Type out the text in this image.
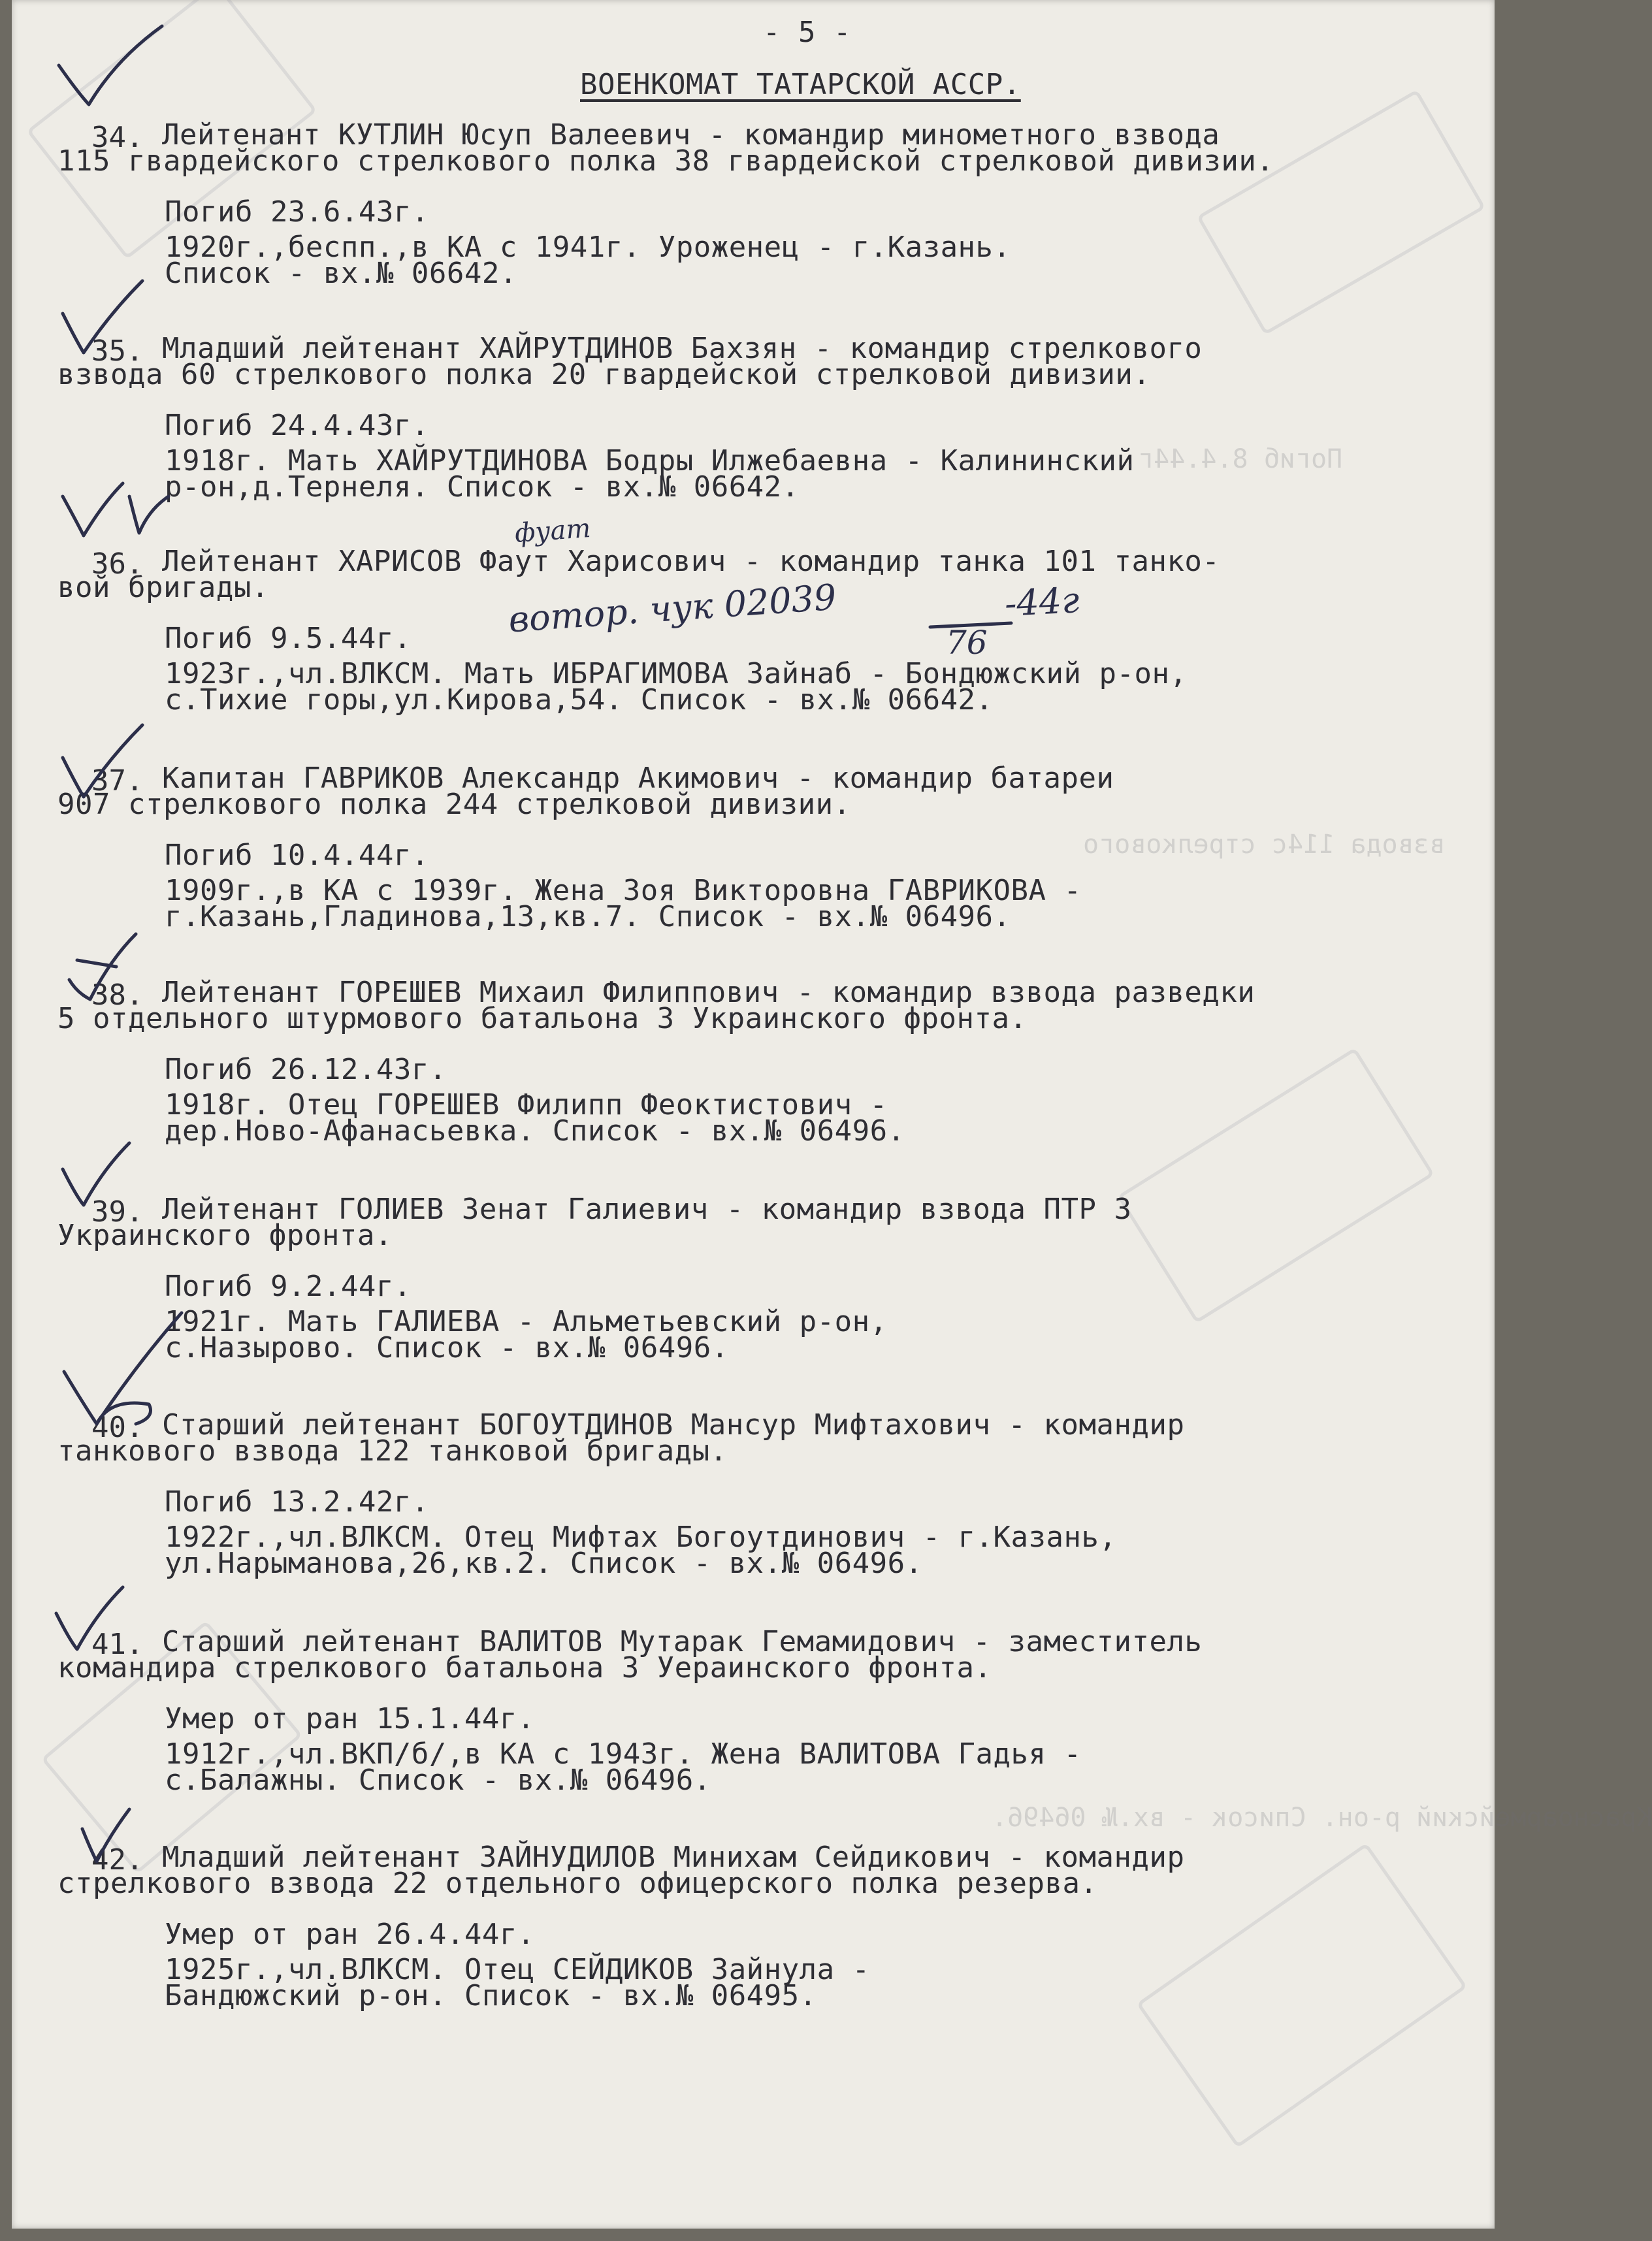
- 5 -
ВОЕНКОМАТ ТАТАРСКОЙ АССР.
34. Лейтенант КУТЛИН Юсуп Валеевич - командир минометного взвода
115 гвардейского стрелкового полка 38 гвардейской стрелковой дивизии.
Погиб 23.6.43г.
1920г.,беспп.,в КА с 1941г. Уроженец - г.Казань.
Список - вх.№ 06642.
35. Младший лейтенант ХАЙРУТДИНОВ Бахзян - командир стрелкового
взвода 60 стрелкового полка 20 гвардейской стрелковой дивизии.
Погиб 24.4.43г.
1918г. Мать ХАЙРУТДИНОВА Бодры Илжебаевна - Калининский
р-он,д.Тернеля. Список - вх.№ 06642.
36. Лейтенант ХАРИСОВ Фаут Харисович - командир танка 101 танко-
вой бригады.
Погиб 9.5.44г.
1923г.,чл.ВЛКСМ. Мать ИБРАГИМОВА Зайнаб - Бондюжский р-он,
с.Тихие горы,ул.Кирова,54. Список - вх.№ 06642.
37. Капитан ГАВРИКОВ Александр Акимович - командир батареи
907 стрелкового полка 244 стрелковой дивизии.
Погиб 10.4.44г.
1909г.,в КА с 1939г. Жена Зоя Викторовна ГАВРИКОВА -
г.Казань,Гладинова,13,кв.7. Список - вх.№ 06496.
38. Лейтенант ГОРЕШЕВ Михаил Филиппович - командир взвода разведки
5 отдельного штурмового батальона 3 Украинского фронта.
Погиб 26.12.43г.
1918г. Отец ГОРЕШЕВ Филипп Феоктистович -
дер.Ново-Афанасьевка. Список - вх.№ 06496.
39. Лейтенант ГОЛИЕВ Зенат Галиевич - командир взвода ПТР 3
Украинского фронта.
Погиб 9.2.44г.
1921г. Мать ГАЛИЕВА - Альметьевский р-он,
с.Назырово. Список - вх.№ 06496.
40. Старший лейтенант БОГОУТДИНОВ Мансур Мифтахович - командир
танкового взвода 122 танковой бригады.
Погиб 13.2.42г.
1922г.,чл.ВЛКСМ. Отец Мифтах Богоутдинович - г.Казань,
ул.Нарыманова,26,кв.2. Список - вх.№ 06496.
41. Старший лейтенант ВАЛИТОВ Мутарак Гемамидович - заместитель
командира стрелкового батальона 3 Уераинского фронта.
Умер от ран 15.1.44г.
1912г.,чл.ВКП/б/,в КА с 1943г. Жена ВАЛИТОВА Гадья -
с.Балажны. Список - вх.№ 06496.
42. Младший лейтенант ЗАЙНУДИЛОВ Минихам Сейдикович - командир
стрелкового взвода 22 отдельного офицерского полка резерва.
Умер от ран 26.4.44г.
1925г.,чл.ВЛКСМ. Отец СЕЙДИКОВ Зайнула -
Бандюжский р-он. Список - вх.№ 06495.
фуат
вотор. чук 02039	-44г
76
Погиб 8.4.44г.
взвода 114с стрелкового
Красноармейский р-он. Список - вх.№ 06496.
